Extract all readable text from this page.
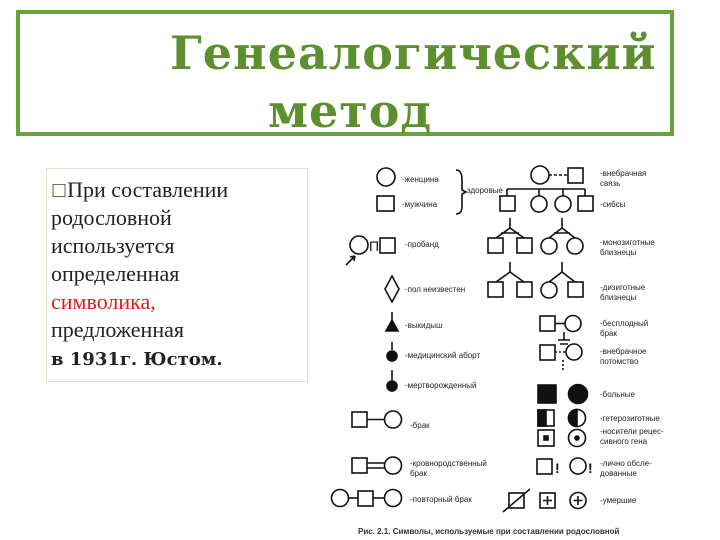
Генеалогический
метод
☐При составлении
родословной
используется
определенная
символика,
предложенная
в 1931г. Юстом.
-женщина
-мужчина
здоровые
П	-пробанд
-пол неизвестен
-выкидыш
-медицинский аборт
-мертворожденный
-брак
-кровнородственный
брак
-повторный брак
-внебрачная
связь
-сибсы
-монозиготные
близнецы
-дизиготные
близнецы
-бесплодный
брак
-внебрачное
потомство
-больные
-гетерозиготные
-носители рецес-
сивного гена
! ! -лично обсле-
дованные
-умершие
Рис. 2.1. Символы, используемые при составлении родословной
